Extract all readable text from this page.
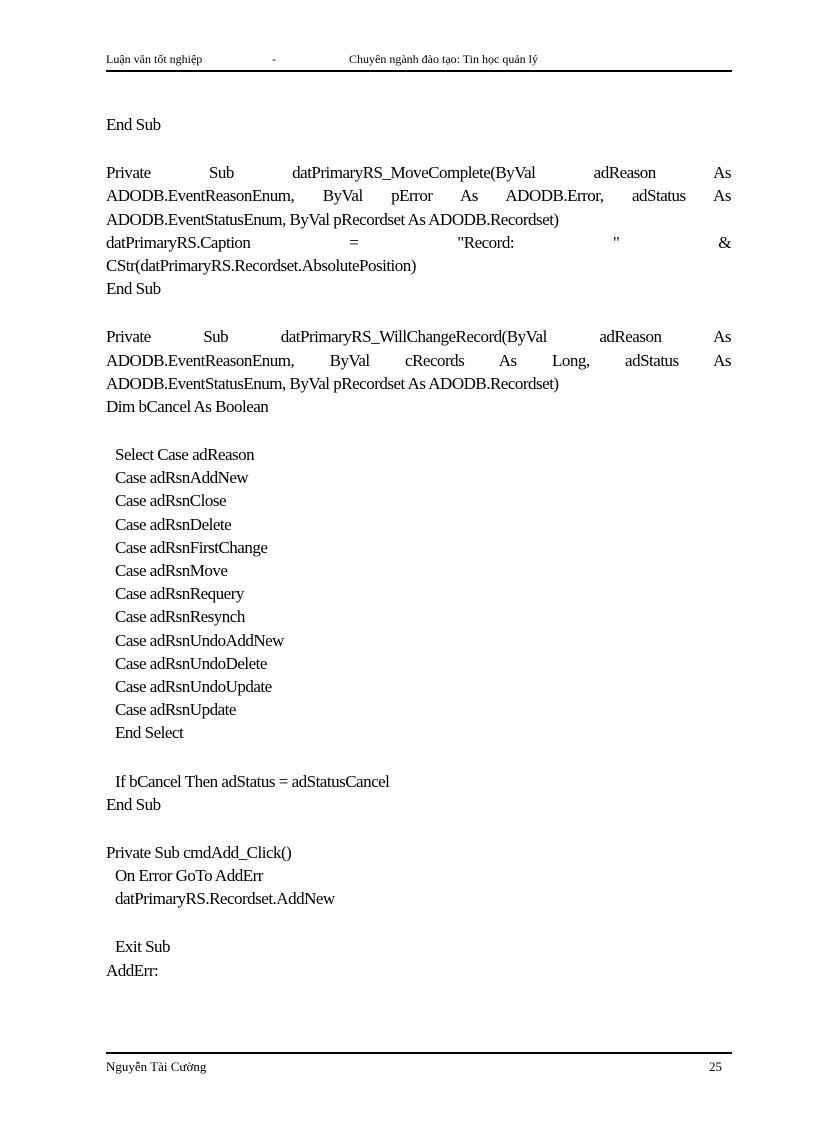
Luận văn tốt nghiệp	-	Chuyên ngành đào tạo: Tin học quản lý
End Sub
Private Sub datPrimaryRS_MoveComplete(ByVal adReason As
ADODB.EventReasonEnum, ByVal pError As ADODB.Error, adStatus As
ADODB.EventStatusEnum, ByVal pRecordset As ADODB.Recordset)
datPrimaryRS.Caption = "Record: " &
CStr(datPrimaryRS.Recordset.AbsolutePosition)
End Sub
Private Sub datPrimaryRS_WillChangeRecord(ByVal adReason As
ADODB.EventReasonEnum, ByVal cRecords As Long, adStatus As
ADODB.EventStatusEnum, ByVal pRecordset As ADODB.Recordset)
Dim bCancel As Boolean
Select Case adReason
Case adRsnAddNew
Case adRsnClose
Case adRsnDelete
Case adRsnFirstChange
Case adRsnMove
Case adRsnRequery
Case adRsnResynch
Case adRsnUndoAddNew
Case adRsnUndoDelete
Case adRsnUndoUpdate
Case adRsnUpdate
End Select
If bCancel Then adStatus = adStatusCancel
End Sub
Private Sub cmdAdd_Click()
On Error GoTo AddErr
datPrimaryRS.Recordset.AddNew
Exit Sub
AddErr:
Nguyễn Tài Cường	25
